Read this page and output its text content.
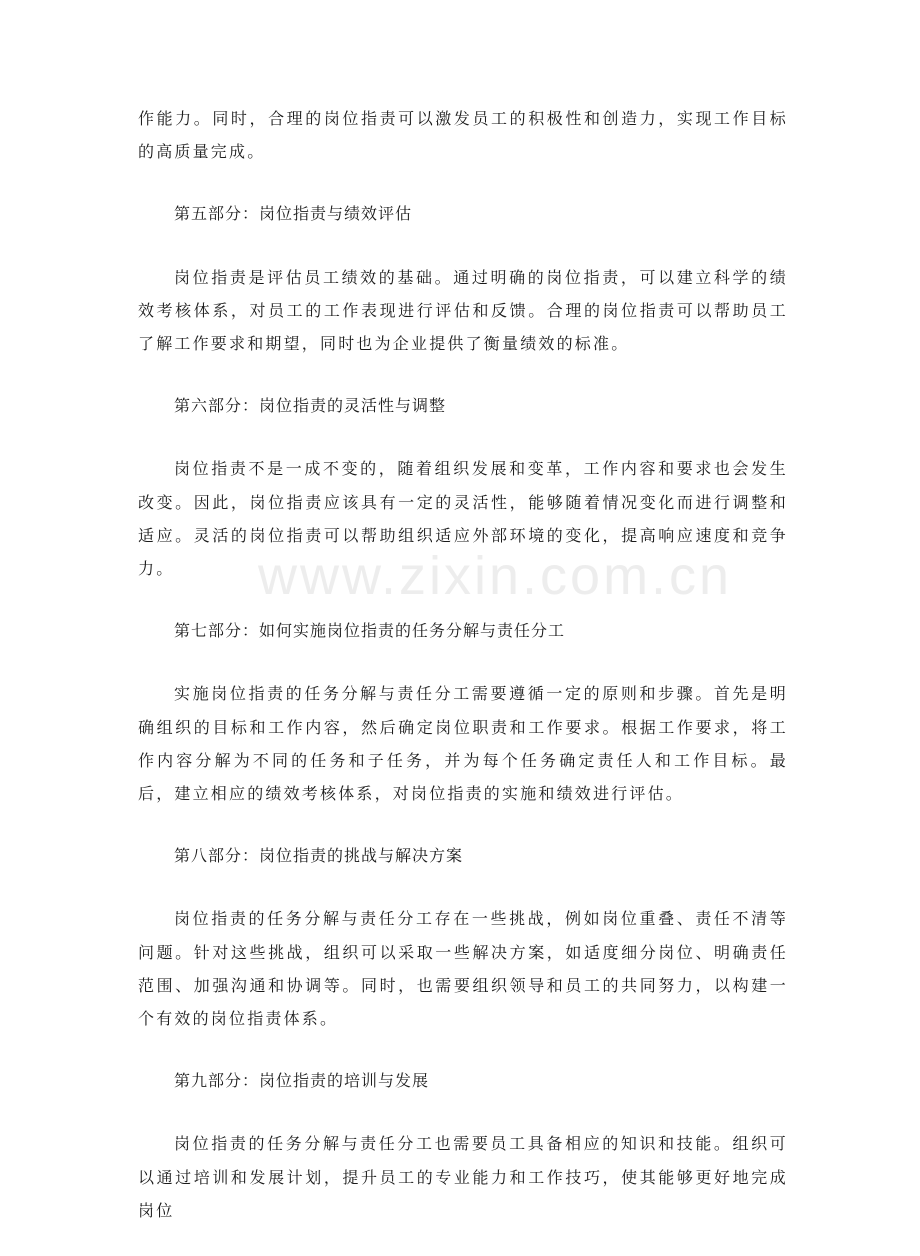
www.zixin.com.cn

作能力。同时，合理的岗位指责可以激发员工的积极性和创造力，实现工作目标的高质量完成。

第五部分：岗位指责与绩效评估

岗位指责是评估员工绩效的基础。通过明确的岗位指责，可以建立科学的绩效考核体系，对员工的工作表现进行评估和反馈。合理的岗位指责可以帮助员工了解工作要求和期望，同时也为企业提供了衡量绩效的标准。

第六部分：岗位指责的灵活性与调整

岗位指责不是一成不变的，随着组织发展和变革，工作内容和要求也会发生改变。因此，岗位指责应该具有一定的灵活性，能够随着情况变化而进行调整和适应。灵活的岗位指责可以帮助组织适应外部环境的变化，提高响应速度和竞争力。

第七部分：如何实施岗位指责的任务分解与责任分工

实施岗位指责的任务分解与责任分工需要遵循一定的原则和步骤。首先是明确组织的目标和工作内容，然后确定岗位职责和工作要求。根据工作要求，将工作内容分解为不同的任务和子任务，并为每个任务确定责任人和工作目标。最后，建立相应的绩效考核体系，对岗位指责的实施和绩效进行评估。

第八部分：岗位指责的挑战与解决方案

岗位指责的任务分解与责任分工存在一些挑战，例如岗位重叠、责任不清等问题。针对这些挑战，组织可以采取一些解决方案，如适度细分岗位、明确责任范围、加强沟通和协调等。同时，也需要组织领导和员工的共同努力，以构建一个有效的岗位指责体系。

第九部分：岗位指责的培训与发展

岗位指责的任务分解与责任分工也需要员工具备相应的知识和技能。组织可以通过培训和发展计划，提升员工的专业能力和工作技巧，使其能够更好地完成岗位
